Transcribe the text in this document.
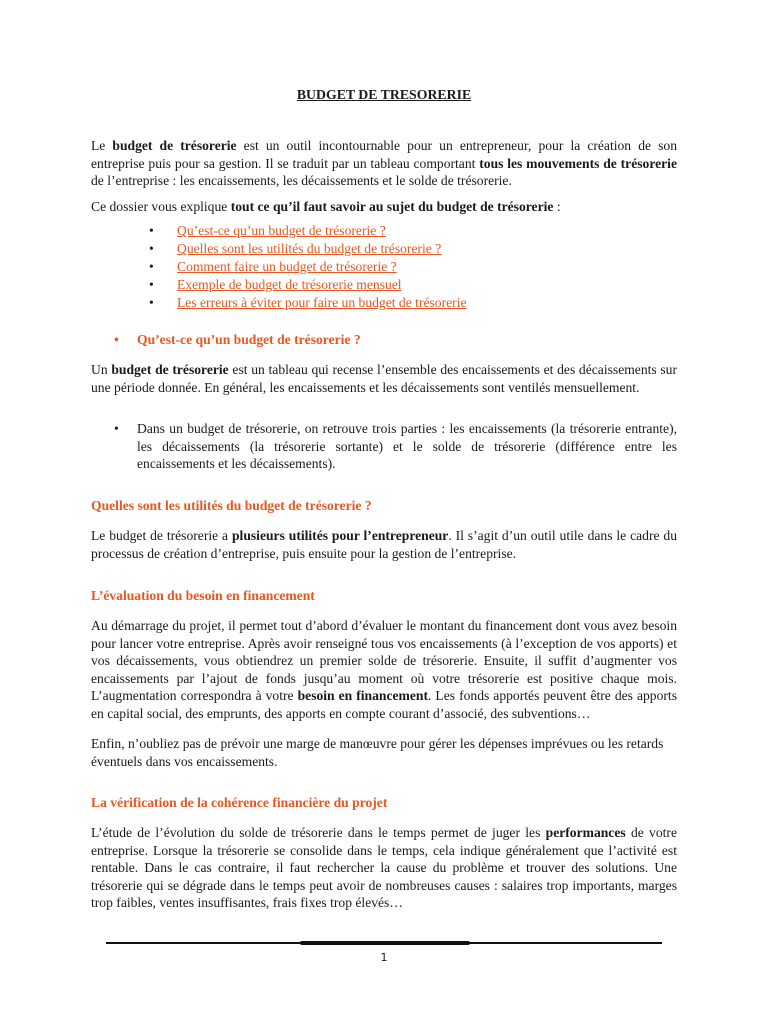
BUDGET DE TRESORERIE

Le budget de trésorerie est un outil incontournable pour un entrepreneur, pour la création de son entreprise puis pour sa gestion. Il se traduit par un tableau comportant tous les mouvements de trésorerie de l’entreprise : les encaissements, les décaissements et le solde de trésorerie.

Ce dossier vous explique tout ce qu’il faut savoir au sujet du budget de trésorerie :

• Qu’est-ce qu’un budget de trésorerie ?
• Quelles sont les utilités du budget de trésorerie ?
• Comment faire un budget de trésorerie ?
• Exemple de budget de trésorerie mensuel
• Les erreurs à éviter pour faire un budget de trésorerie

• Qu’est-ce qu’un budget de trésorerie ?

Un budget de trésorerie est un tableau qui recense l’ensemble des encaissements et des décaissements sur une période donnée. En général, les encaissements et les décaissements sont ventilés mensuellement.

• Dans un budget de trésorerie, on retrouve trois parties : les encaissements (la trésorerie entrante), les décaissements (la trésorerie sortante) et le solde de trésorerie (différence entre les encaissements et les décaissements).

Quelles sont les utilités du budget de trésorerie ?

Le budget de trésorerie a plusieurs utilités pour l’entrepreneur. Il s’agit d’un outil utile dans le cadre du processus de création d’entreprise, puis ensuite pour la gestion de l’entreprise.

L’évaluation du besoin en financement

Au démarrage du projet, il permet tout d’abord d’évaluer le montant du financement dont vous avez besoin pour lancer votre entreprise. Après avoir renseigné tous vos encaissements (à l’exception de vos apports) et vos décaissements, vous obtiendrez un premier solde de trésorerie. Ensuite, il suffit d’augmenter vos encaissements par l’ajout de fonds jusqu’au moment où votre trésorerie est positive chaque mois. L’augmentation correspondra à votre besoin en financement. Les fonds apportés peuvent être des apports en capital social, des emprunts, des apports en compte courant d’associé, des subventions…

Enfin, n’oubliez pas de prévoir une marge de manœuvre pour gérer les dépenses imprévues ou les retards éventuels dans vos encaissements.

La vérification de la cohérence financière du projet

L’étude de l’évolution du solde de trésorerie dans le temps permet de juger les performances de votre entreprise. Lorsque la trésorerie se consolide dans le temps, cela indique généralement que l’activité est rentable. Dans le cas contraire, il faut rechercher la cause du problème et trouver des solutions. Une trésorerie qui se dégrade dans le temps peut avoir de nombreuses causes : salaires trop importants, marges trop faibles, ventes insuffisantes, frais fixes trop élevés…

1
